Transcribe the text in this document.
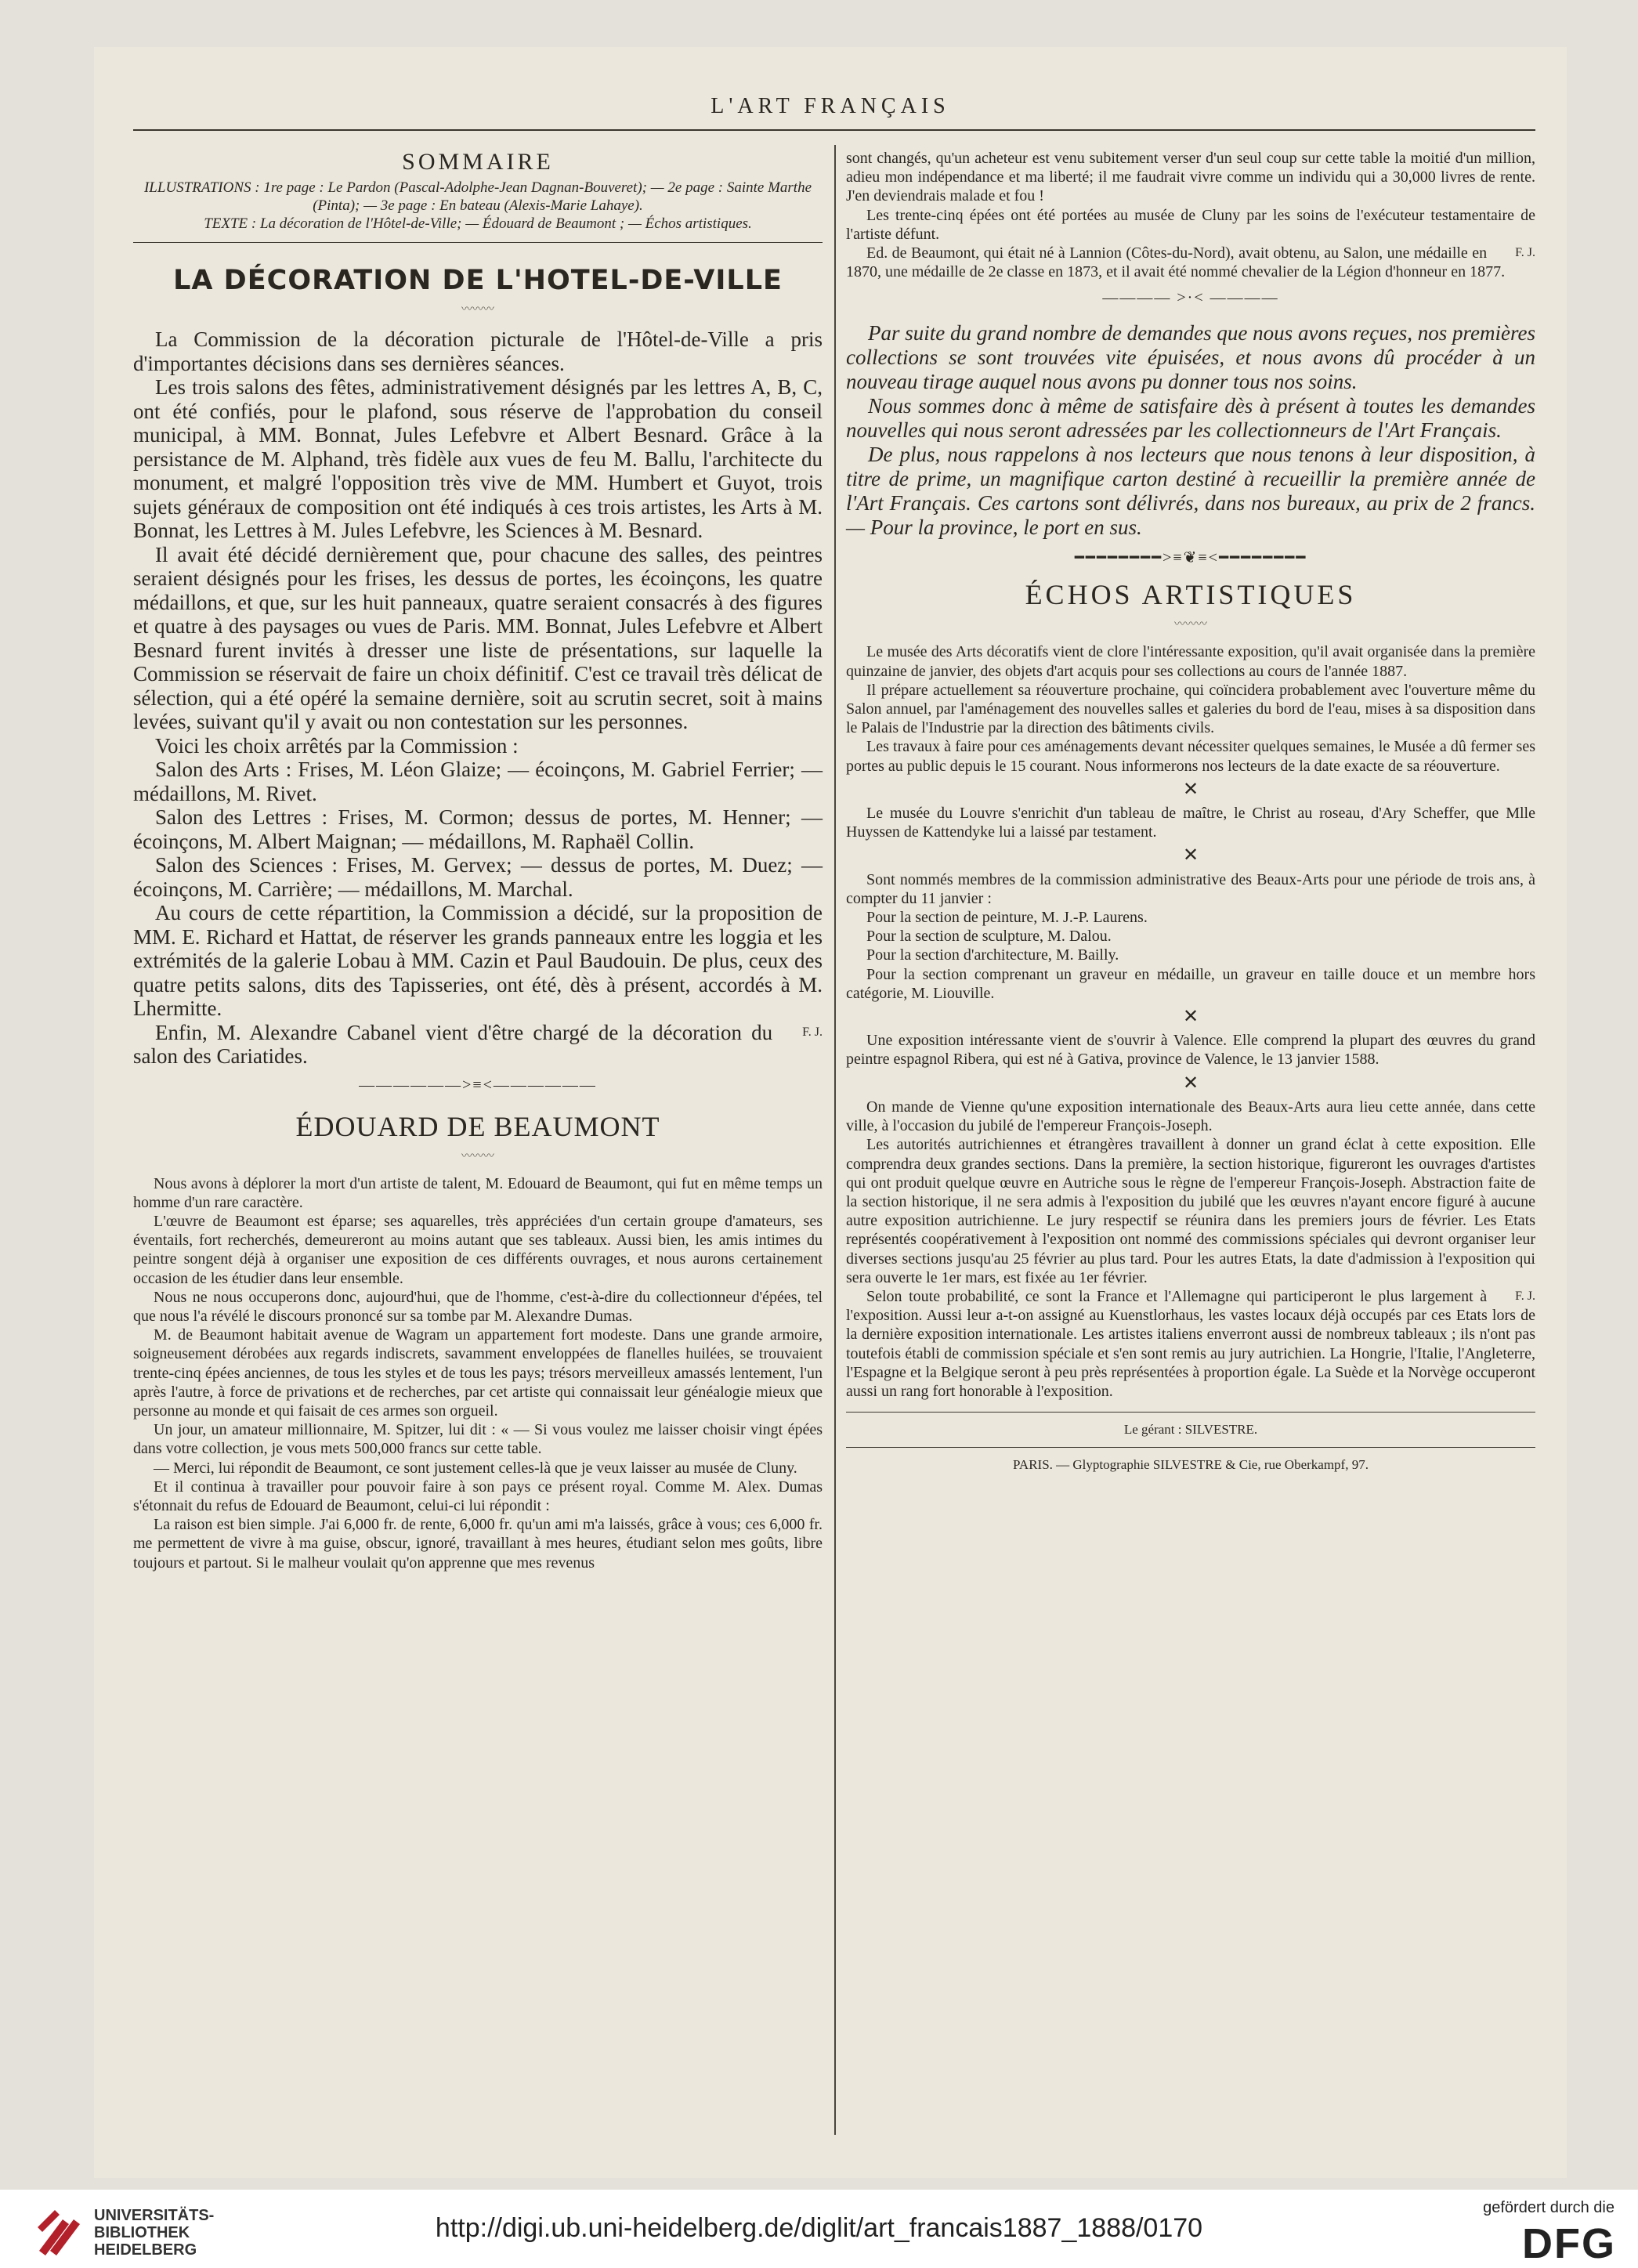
L'ART FRANÇAIS
SOMMAIRE
ILLUSTRATIONS : 1re page : Le Pardon (Pascal-Adolphe-Jean Dagnan-Bouveret); — 2e page : Sainte Marthe (Pinta); — 3e page : En bateau (Alexis-Marie Lahaye).
TEXTE : La décoration de l'Hôtel-de-Ville; — Édouard de Beaumont ; — Échos artistiques.
LA DÉCORATION DE L'HOTEL-DE-VILLE
〰〰〰

La Commission de la décoration picturale de l'Hôtel-de-Ville a pris d'importantes décisions dans ses dernières séances.

Les trois salons des fêtes, administrativement désignés par les lettres A, B, C, ont été confiés, pour le plafond, sous réserve de l'approbation du conseil municipal, à MM. Bonnat, Jules Lefebvre et Albert Besnard. Grâce à la persistance de M. Alphand, très fidèle aux vues de feu M. Ballu, l'architecte du monument, et malgré l'opposition très vive de MM. Humbert et Guyot, trois sujets généraux de composition ont été indiqués à ces trois artistes, les Arts à M. Bonnat, les Lettres à M. Jules Lefebvre, les Sciences à M. Besnard.

Il avait été décidé dernièrement que, pour chacune des salles, des peintres seraient désignés pour les frises, les dessus de portes, les écoinçons, les quatre médaillons, et que, sur les huit panneaux, quatre seraient consacrés à des figures et quatre à des paysages ou vues de Paris. MM. Bonnat, Jules Lefebvre et Albert Besnard furent invités à dresser une liste de présentations, sur laquelle la Commission se réservait de faire un choix définitif. C'est ce travail très délicat de sélection, qui a été opéré la semaine dernière, soit au scrutin secret, soit à mains levées, suivant qu'il y avait ou non contestation sur les personnes.

Voici les choix arrêtés par la Commission :

Salon des Arts : Frises, M. Léon Glaize; — écoinçons, M. Gabriel Ferrier; — médaillons, M. Rivet.

Salon des Lettres : Frises, M. Cormon; dessus de portes, M. Henner; — écoinçons, M. Albert Maignan; — médaillons, M. Raphaël Collin.

Salon des Sciences : Frises, M. Gervex; — dessus de portes, M. Duez; — écoinçons, M. Carrière; — médaillons, M. Marchal.

Au cours de cette répartition, la Commission a décidé, sur la proposition de MM. E. Richard et Hattat, de réserver les grands panneaux entre les loggia et les extrémités de la galerie Lobau à MM. Cazin et Paul Baudouin. De plus, ceux des quatre petits salons, dits des Tapisseries, ont été, dès à présent, accordés à M. Lhermitte.

F. J.
Enfin, M. Alexandre Cabanel vient d'être chargé de la décoration du salon des Cariatides.

——————>≡<——————
ÉDOUARD DE BEAUMONT
〰〰〰

Nous avons à déplorer la mort d'un artiste de talent, M. Edouard de Beaumont, qui fut en même temps un homme d'un rare caractère.

L'œuvre de Beaumont est éparse; ses aquarelles, très appréciées d'un certain groupe d'amateurs, ses éventails, fort recherchés, demeureront au moins autant que ses tableaux. Aussi bien, les amis intimes du peintre songent déjà à organiser une exposition de ces différents ouvrages, et nous aurons certainement occasion de les étudier dans leur ensemble.

Nous ne nous occuperons donc, aujourd'hui, que de l'homme, c'est-à-dire du collectionneur d'épées, tel que nous l'a révélé le discours prononcé sur sa tombe par M. Alexandre Dumas.

M. de Beaumont habitait avenue de Wagram un appartement fort modeste. Dans une grande armoire, soigneusement dérobées aux regards indiscrets, savamment enveloppées de flanelles huilées, se trouvaient trente-cinq épées anciennes, de tous les styles et de tous les pays; trésors merveilleux amassés lentement, l'un après l'autre, à force de privations et de recherches, par cet artiste qui connaissait leur généalogie mieux que personne au monde et qui faisait de ces armes son orgueil.

Un jour, un amateur millionnaire, M. Spitzer, lui dit : « — Si vous voulez me laisser choisir vingt épées dans votre collection, je vous mets 500,000 francs sur cette table.

— Merci, lui répondit de Beaumont, ce sont justement celles-là que je veux laisser au musée de Cluny.

Et il continua à travailler pour pouvoir faire à son pays ce présent royal. Comme M. Alex. Dumas s'étonnait du refus de Edouard de Beaumont, celui-ci lui répondit :

La raison est bien simple. J'ai 6,000 fr. de rente, 6,000 fr. qu'un ami m'a laissés, grâce à vous; ces 6,000 fr. me permettent de vivre à ma guise, obscur, ignoré, travaillant à mes heures, étudiant selon mes goûts, libre toujours et partout. Si le malheur voulait qu'on apprenne que mes revenus

sont changés, qu'un acheteur est venu subitement verser d'un seul coup sur cette table la moitié d'un million, adieu mon indépendance et ma liberté; il me faudrait vivre comme un individu qui a 30,000 livres de rente. J'en deviendrais malade et fou !

Les trente-cinq épées ont été portées au musée de Cluny par les soins de l'exécuteur testamentaire de l'artiste défunt.

F. J.
Ed. de Beaumont, qui était né à Lannion (Côtes-du-Nord), avait obtenu, au Salon, une médaille en 1870, une médaille de 2e classe en 1873, et il avait été nommé chevalier de la Légion d'honneur en 1877.

———— >·< ————

Par suite du grand nombre de demandes que nous avons reçues, nos premières collections se sont trouvées vite épuisées, et nous avons dû procéder à un nouveau tirage auquel nous avons pu donner tous nos soins.

Nous sommes donc à même de satisfaire dès à présent à toutes les demandes nouvelles qui nous seront adressées par les collectionneurs de l'Art Français.

De plus, nous rappelons à nos lecteurs que nous tenons à leur disposition, à titre de prime, un magnifique carton destiné à recueillir la première année de l'Art Français. Ces cartons sont délivrés, dans nos bureaux, au prix de 2 francs. — Pour la province, le port en sus.

━━━━━━━━>≡❦≡<━━━━━━━━
ÉCHOS ARTISTIQUES
〰〰〰

Le musée des Arts décoratifs vient de clore l'intéressante exposition, qu'il avait organisée dans la première quinzaine de janvier, des objets d'art acquis pour ses collections au cours de l'année 1887.

Il prépare actuellement sa réouverture prochaine, qui coïncidera probablement avec l'ouverture même du Salon annuel, par l'aménagement des nouvelles salles et galeries du bord de l'eau, mises à sa disposition dans le Palais de l'Industrie par la direction des bâtiments civils.

Les travaux à faire pour ces aménagements devant nécessiter quelques semaines, le Musée a dû fermer ses portes au public depuis le 15 courant. Nous informerons nos lecteurs de la date exacte de sa réouverture.

✕

Le musée du Louvre s'enrichit d'un tableau de maître, le Christ au roseau, d'Ary Scheffer, que Mlle Huyssen de Kattendyke lui a laissé par testament.

✕

Sont nommés membres de la commission administrative des Beaux-Arts pour une période de trois ans, à compter du 11 janvier :

Pour la section de peinture, M. J.-P. Laurens.

Pour la section de sculpture, M. Dalou.

Pour la section d'architecture, M. Bailly.

Pour la section comprenant un graveur en médaille, un graveur en taille douce et un membre hors catégorie, M. Liouville.

✕

Une exposition intéressante vient de s'ouvrir à Valence. Elle comprend la plupart des œuvres du grand peintre espagnol Ribera, qui est né à Gativa, province de Valence, le 13 janvier 1588.

✕

On mande de Vienne qu'une exposition internationale des Beaux-Arts aura lieu cette année, dans cette ville, à l'occasion du jubilé de l'empereur François-Joseph.

Les autorités autrichiennes et étrangères travaillent à donner un grand éclat à cette exposition. Elle comprendra deux grandes sections. Dans la première, la section historique, figureront les ouvrages d'artistes qui ont produit quelque œuvre en Autriche sous le règne de l'empereur François-Joseph. Abstraction faite de la section historique, il ne sera admis à l'exposition du jubilé que les œuvres n'ayant encore figuré à aucune autre exposition autrichienne. Le jury respectif se réunira dans les premiers jours de février. Les Etats représentés coopérativement à l'exposition ont nommé des commissions spéciales qui devront organiser leur diverses sections jusqu'au 25 février au plus tard. Pour les autres Etats, la date d'admission à l'exposition qui sera ouverte le 1er mars, est fixée au 1er février.

F. J.
Selon toute probabilité, ce sont la France et l'Allemagne qui participeront le plus largement à l'exposition. Aussi leur a-t-on assigné au Kuenstlorhaus, les vastes locaux déjà occupés par ces Etats lors de la dernière exposition internationale. Les artistes italiens enverront aussi de nombreux tableaux ; ils n'ont pas toutefois établi de commission spéciale et s'en sont remis au jury autrichien. La Hongrie, l'Italie, l'Angleterre, l'Espagne et la Belgique seront à peu près représentées à proportion égale. La Suède et la Norvège occuperont aussi un rang fort honorable à l'exposition.

Le gérant : SILVESTRE.
PARIS. — Glyptographie SILVESTRE & Cie, rue Oberkampf, 97.
UNIVERSITÄTS-
BIBLIOTHEK
HEIDELBERG
http://digi.ub.uni-heidelberg.de/diglit/art_francais1887_1888/0170
gefördert durch die
DFG
